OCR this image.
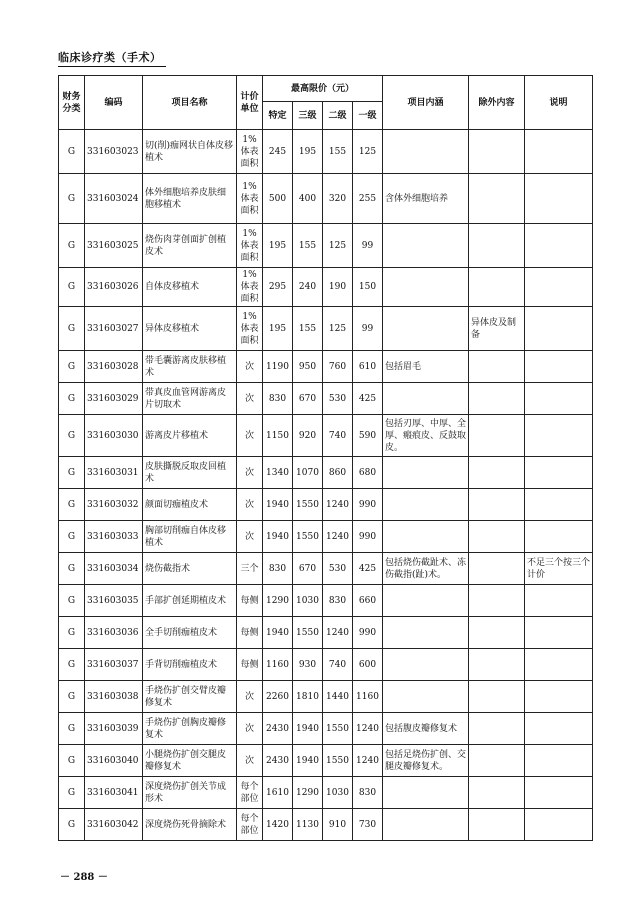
临床诊疗类（手术）
财务分类	编码	项目名称	计价单位	最高限价（元）				项目内涵	除外内容	说明
				特定	三级	二级	一级			
G	331603023	切(削)痂网状自体皮移植术	1%体表面积	245	195	155	125			
G	331603024	体外细胞培养皮肤细胞移植术	1%体表面积	500	400	320	255	含体外细胞培养		
G	331603025	烧伤肉芽创面扩创植皮术	1%体表面积	195	155	125	99			
G	331603026	自体皮移植术	1%体表面积	295	240	190	150			
G	331603027	异体皮移植术	1%体表面积	195	155	125	99		异体皮及制备	
G	331603028	带毛囊游离皮肤移植术	次	1190	950	760	610	包括眉毛		
G	331603029	带真皮血管网游离皮片切取术	次	830	670	530	425			
G	331603030	游离皮片移植术	次	1150	920	740	590	包括刃厚、中厚、全厚、瘢痕皮、反鼓取皮。		
G	331603031	皮肤撕脱反取皮回植术	次	1340	1070	860	680			
G	331603032	颜面切痂植皮术	次	1940	1550	1240	990			
G	331603033	胸部切削痂自体皮移植术	次	1940	1550	1240	990			
G	331603034	烧伤截指术	三个	830	670	530	425	包括烧伤截趾术、冻伤截指(趾)术。		不足三个按三个计价
G	331603035	手部扩创延期植皮术	每侧	1290	1030	830	660			
G	331603036	全手切削痂植皮术	每侧	1940	1550	1240	990			
G	331603037	手背切削痂植皮术	每侧	1160	930	740	600			
G	331603038	手烧伤扩创交臂皮瓣修复术	次	2260	1810	1440	1160			
G	331603039	手烧伤扩创胸皮瓣修复术	次	2430	1940	1550	1240	包括腹皮瓣修复术		
G	331603040	小腿烧伤扩创交腿皮瓣修复术	次	2430	1940	1550	1240	包括足烧伤扩创、交腿皮瓣修复术。		
G	331603041	深度烧伤扩创关节成形术	每个部位	1610	1290	1030	830			
G	331603042	深度烧伤死骨摘除术	每个部位	1420	1130	910	730			
－ 288 －
